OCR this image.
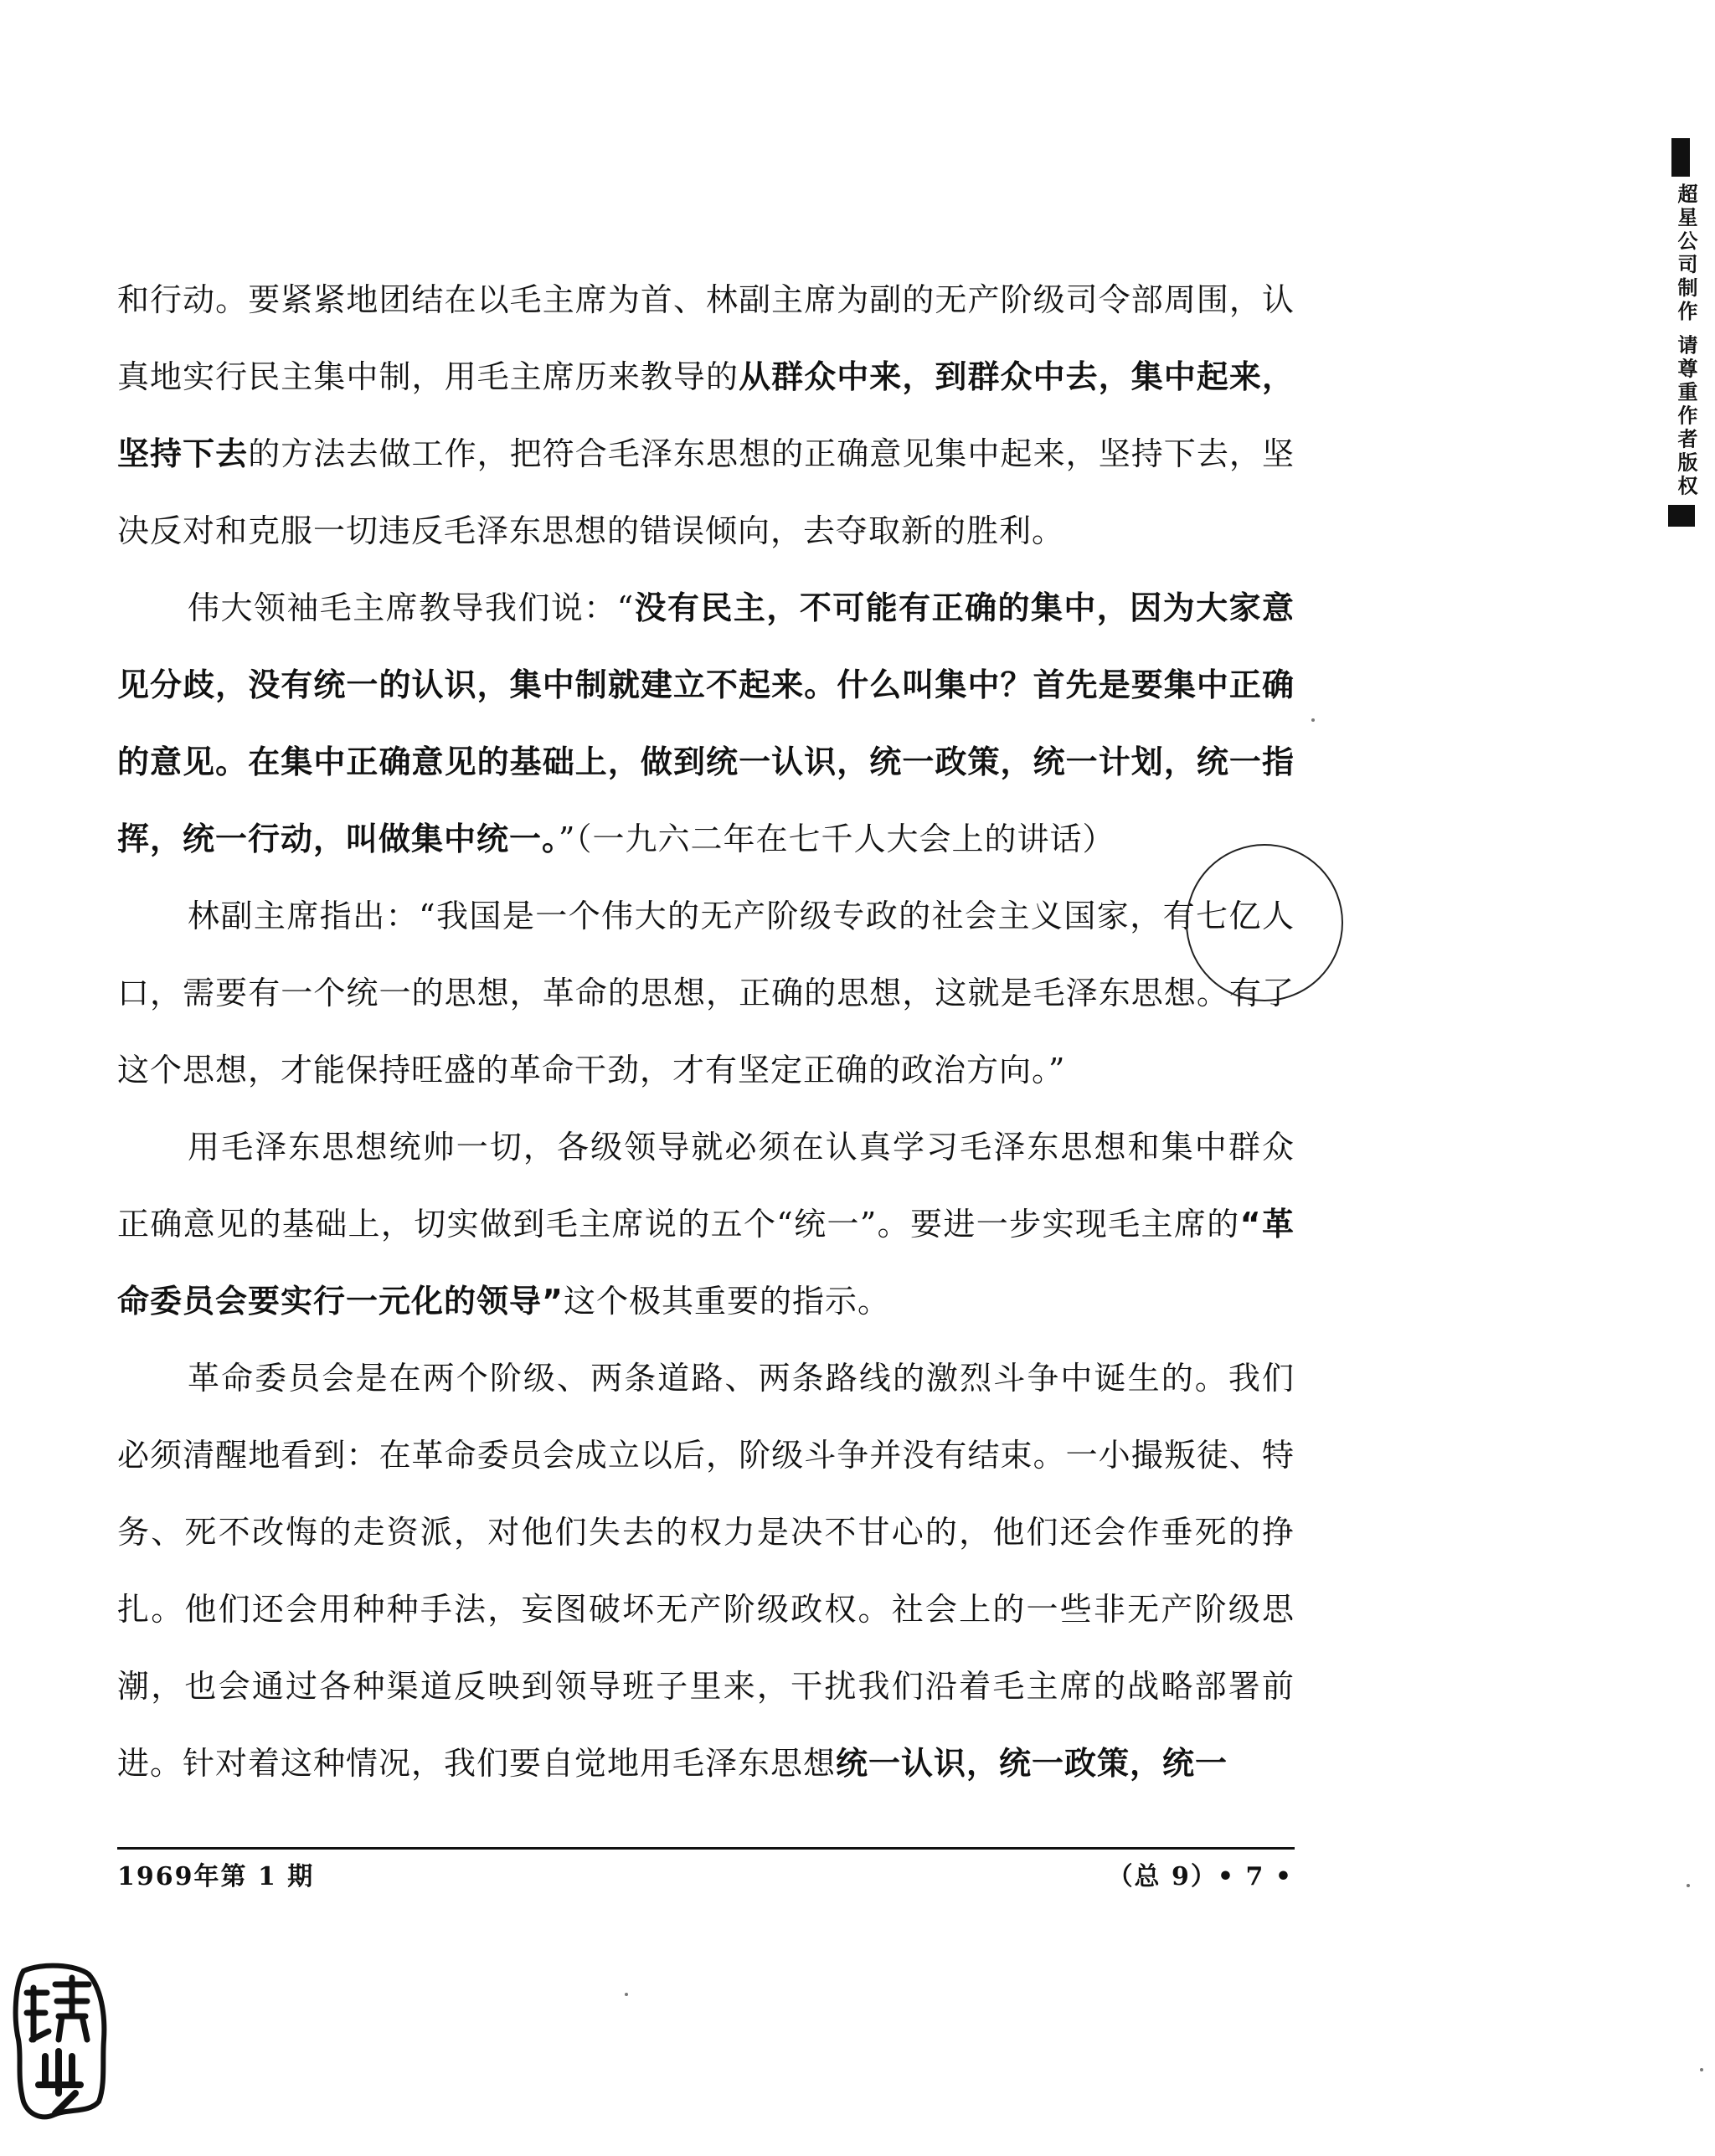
和行动。要紧紧地团结在以毛主席为首、林副主席为副的无产阶级司令部周围，认真地实行民主集中制，用毛主席历来教导的从群众中来，到群众中去，集中起来，坚持下去的方法去做工作，把符合毛泽东思想的正确意见集中起来，坚持下去，坚决反对和克服一切违反毛泽东思想的错误倾向，去夺取新的胜利。

伟大领袖毛主席教导我们说：“没有民主，不可能有正确的集中，因为大家意见分歧，没有统一的认识，集中制就建立不起来。什么叫集中？首先是要集中正确的意见。在集中正确意见的基础上，做到统一认识，统一政策，统一计划，统一指挥，统一行动，叫做集中统一。”（一九六二年在七千人大会上的讲话）

林副主席指出：“我国是一个伟大的无产阶级专政的社会主义国家，有七亿人口，需要有一个统一的思想，革命的思想，正确的思想，这就是毛泽东思想。有了这个思想，才能保持旺盛的革命干劲，才有坚定正确的政治方向。”

用毛泽东思想统帅一切，各级领导就必须在认真学习毛泽东思想和集中群众正确意见的基础上，切实做到毛主席说的五个“统一”。要进一步实现毛主席的“革命委员会要实行一元化的领导”这个极其重要的指示。

革命委员会是在两个阶级、两条道路、两条路线的激烈斗争中诞生的。我们必须清醒地看到：在革命委员会成立以后，阶级斗争并没有结束。一小撮叛徒、特务、死不改悔的走资派，对他们失去的权力是决不甘心的，他们还会作垂死的挣扎。他们还会用种种手法，妄图破坏无产阶级政权。社会上的一些非无产阶级思潮，也会通过各种渠道反映到领导班子里来，干扰我们沿着毛主席的战略部署前进。针对着这种情况，我们要自觉地用毛泽东思想统一认识，统一政策，统一

1969年第 1 期	（总 9）• 7 •
超星公司制作 请尊重作者版权
